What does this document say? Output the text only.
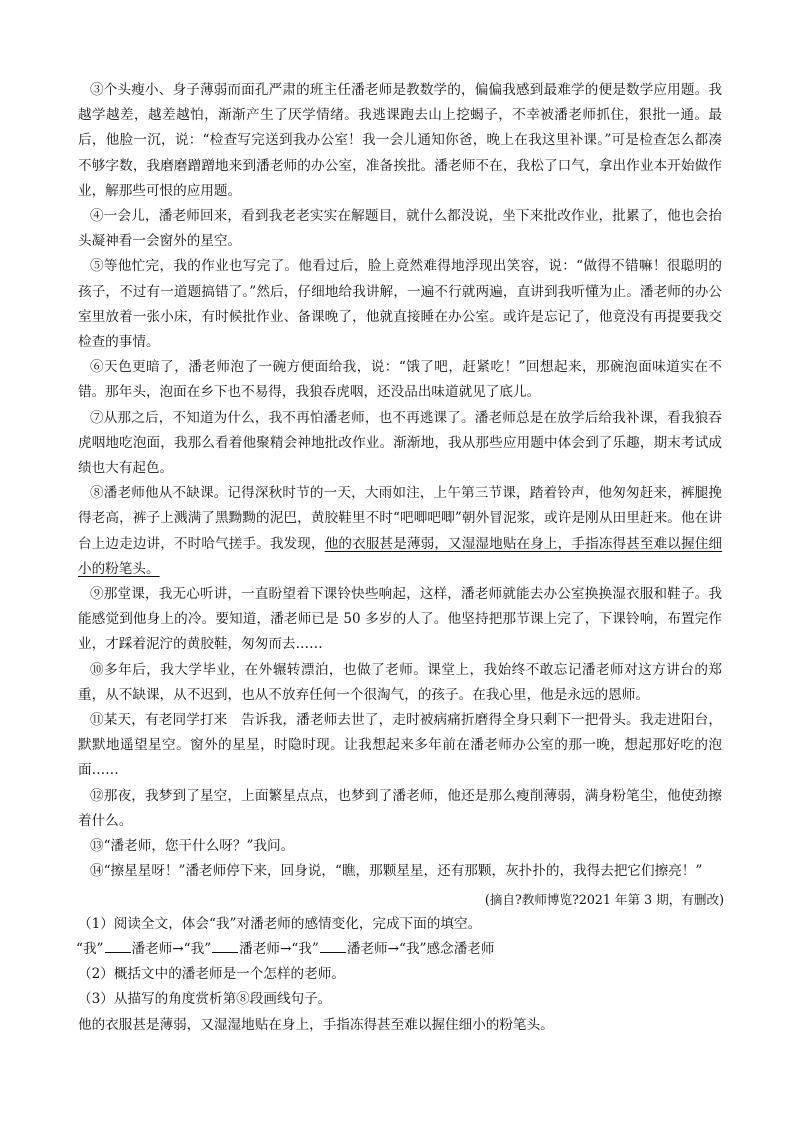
③个头瘦小、身子薄弱而面孔严肃的班主任潘老师是教数学的，偏偏我感到最难学的便是数学应用题。我越学越差，越差越怕，渐渐产生了厌学情绪。我逃课跑去山上挖蝎子，不幸被潘老师抓住，狠批一通。最后，他脸一沉，说：“检查写完送到我办公室！我一会儿通知你爸，晚上在我这里补课。”可是检查怎么都凑不够字数，我磨磨蹭蹭地来到潘老师的办公室，准备挨批。潘老师不在，我松了口气，拿出作业本开始做作业，解那些可恨的应用题。

④一会儿，潘老师回来，看到我老老实实在解题目，就什么都没说，坐下来批改作业，批累了，他也会抬头凝神看一会窗外的星空。

⑤等他忙完，我的作业也写完了。他看过后，脸上竟然难得地浮现出笑容，说：“做得不错嘛！很聪明的孩子，不过有一道题搞错了。”然后，仔细地给我讲解，一遍不行就两遍，直讲到我听懂为止。潘老师的办公室里放着一张小床，有时候批作业、备课晚了，他就直接睡在办公室。或许是忘记了，他竟没有再提要我交检查的事情。

⑥天色更暗了，潘老师泡了一碗方便面给我，说：“饿了吧，赶紧吃！”回想起来，那碗泡面味道实在不错。那年头，泡面在乡下也不易得，我狼吞虎咽，还没品出味道就见了底儿。

⑦从那之后，不知道为什么，我不再怕潘老师，也不再逃课了。潘老师总是在放学后给我补课，看我狼吞虎咽地吃泡面，我那么看着他聚精会神地批改作业。渐渐地，我从那些应用题中体会到了乐趣，期末考试成绩也大有起色。

⑧潘老师他从不缺课。记得深秋时节的一天，大雨如注，上午第三节课，踏着铃声，他匆匆赶来，裤腿挽得老高，裤子上溅满了黑黝黝的泥巴，黄胶鞋里不时“吧唧吧唧”朝外冒泥浆，或许是刚从田里赶来。他在讲台上边走边讲，不时哈气搓手。我发现，他的衣服甚是薄弱，又湿湿地贴在身上，手指冻得甚至难以握住细小的粉笔头。

⑨那堂课，我无心听讲，一直盼望着下课铃快些响起，这样，潘老师就能去办公室换换湿衣服和鞋子。我能感觉到他身上的冷。要知道，潘老师已是 50 多岁的人了。他坚持把那节课上完了，下课铃响，布置完作业，才踩着泥泞的黄胶鞋，匆匆而去……

⑩多年后，我大学毕业，在外辗转漂泊，也做了老师。课堂上，我始终不敢忘记潘老师对这方讲台的郑重，从不缺课，从不迟到，也从不放弃任何一个很淘气，的孩子。在我心里，他是永远的恩师。

⑪某天，有老同学打来　告诉我，潘老师去世了，走时被病痛折磨得全身只剩下一把骨头。我走进阳台，默默地遥望星空。窗外的星星，时隐时现。让我想起来多年前在潘老师办公室的那一晚，想起那好吃的泡面……

⑫那夜，我梦到了星空，上面繁星点点，也梦到了潘老师，他还是那么瘦削薄弱，满身粉笔尘，他使劲擦着什么。

⑬“潘老师，您干什么呀？”我问。

⑭“擦星星呀！”潘老师停下来，回身说，“瞧，那颗星星，还有那颗，灰扑扑的，我得去把它们擦亮！”

(摘自?教师博览?2021 年第 3 期，有删改)

（1）阅读全文，体会“我”对潘老师的感情变化，完成下面的填空。

“我” 潘老师→“我” 潘老师→“我” 潘老师→“我”感念潘老师

（2）概括文中的潘老师是一个怎样的老师。

（3）从描写的角度赏析第⑧段画线句子。

他的衣服甚是薄弱，又湿湿地贴在身上，手指冻得甚至难以握住细小的粉笔头。
